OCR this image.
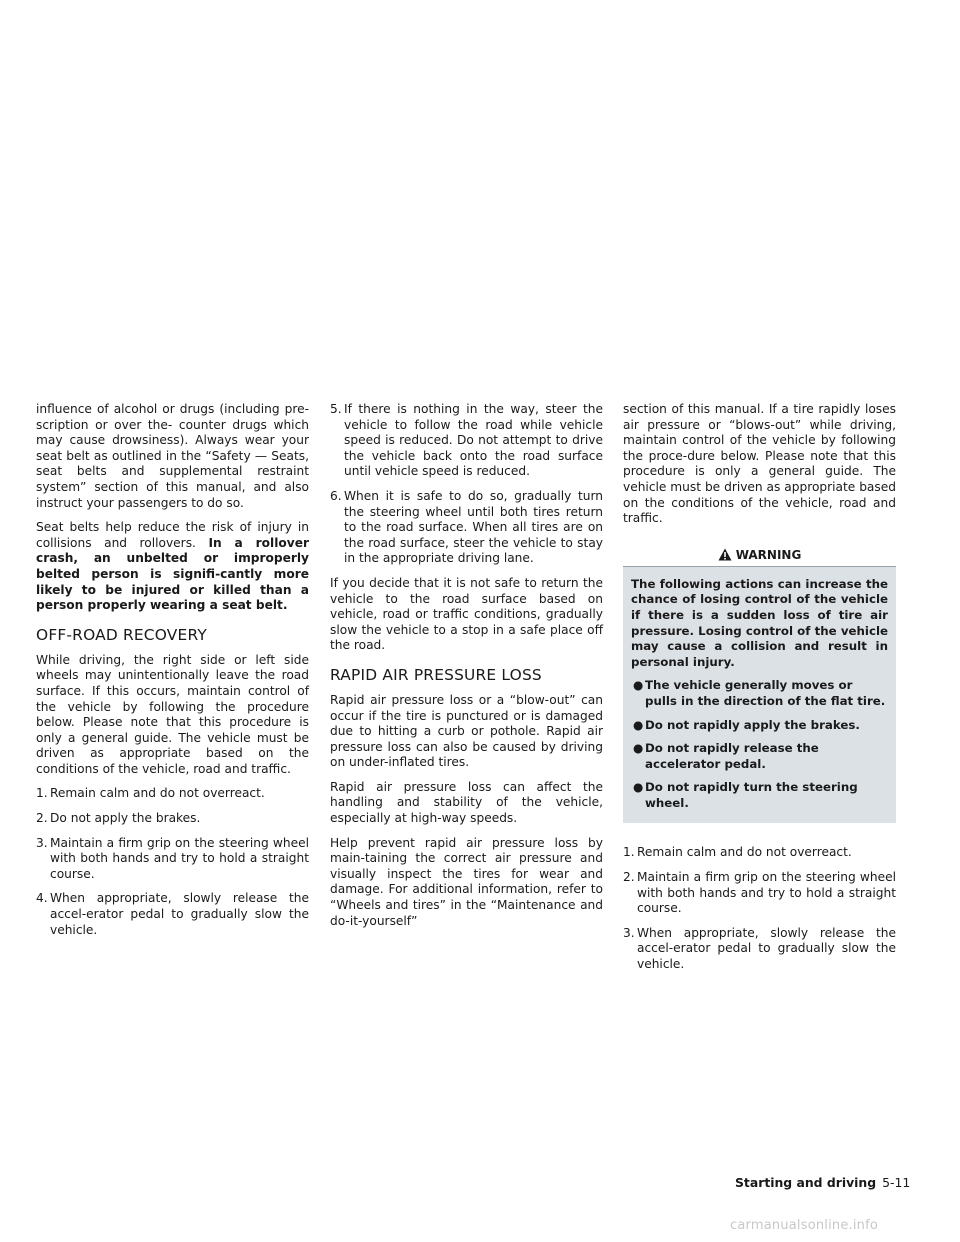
influence of alcohol or drugs (including pre-scription or over the- counter drugs which may cause drowsiness). Always wear your seat belt as outlined in the “Safety — Seats, seat belts and supplemental restraint system” section of this manual, and also instruct your passengers to do so.

Seat belts help reduce the risk of injury in collisions and rollovers. In a rollover crash, an unbelted or improperly belted person is signifi-cantly more likely to be injured or killed than a person properly wearing a seat belt.

OFF-ROAD RECOVERY

While driving, the right side or left side wheels may unintentionally leave the road surface. If this occurs, maintain control of the vehicle by following the procedure below. Please note that this procedure is only a general guide. The vehicle must be driven as appropriate based on the conditions of the vehicle, road and traffic.

1. Remain calm and do not overreact.
2. Do not apply the brakes.
3. Maintain a firm grip on the steering wheel with both hands and try to hold a straight course.
4. When appropriate, slowly release the accel-erator pedal to gradually slow the vehicle.
5. If there is nothing in the way, steer the vehicle to follow the road while vehicle speed is reduced. Do not attempt to drive the vehicle back onto the road surface until vehicle speed is reduced.
6. When it is safe to do so, gradually turn the steering wheel until both tires return to the road surface. When all tires are on the road surface, steer the vehicle to stay in the appropriate driving lane.

If you decide that it is not safe to return the vehicle to the road surface based on vehicle, road or traffic conditions, gradually slow the vehicle to a stop in a safe place off the road.

RAPID AIR PRESSURE LOSS

Rapid air pressure loss or a “blow-out” can occur if the tire is punctured or is damaged due to hitting a curb or pothole. Rapid air pressure loss can also be caused by driving on under-inflated tires.

Rapid air pressure loss can affect the handling and stability of the vehicle, especially at high-way speeds.

Help prevent rapid air pressure loss by main-taining the correct air pressure and visually inspect the tires for wear and damage. For additional information, refer to “Wheels and tires” in the “Maintenance and do-it-yourself”

section of this manual. If a tire rapidly loses air pressure or “blows-out” while driving, maintain control of the vehicle by following the proce-dure below. Please note that this procedure is only a general guide. The vehicle must be driven as appropriate based on the conditions of the vehicle, road and traffic.

WARNING

The following actions can increase the chance of losing control of the vehicle if there is a sudden loss of tire air pressure. Losing control of the vehicle may cause a collision and result in personal injury.

● The vehicle generally moves or pulls in the direction of the flat tire.
● Do not rapidly apply the brakes.
● Do not rapidly release the accelerator pedal.
● Do not rapidly turn the steering wheel.
1. Remain calm and do not overreact.
2. Maintain a firm grip on the steering wheel with both hands and try to hold a straight course.
3. When appropriate, slowly release the accel-erator pedal to gradually slow the vehicle.
Starting and driving 5-11
carmanualsonline.info
